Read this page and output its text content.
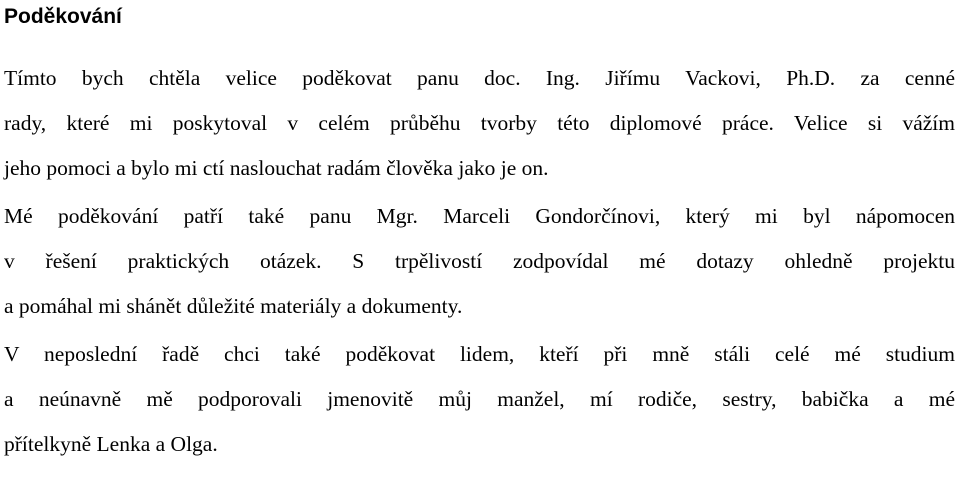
Poděkování
Tímto bych chtěla velice poděkovat panu doc. Ing. Jiřímu Vackovi, Ph.D. za cenné
rady, které mi poskytoval v celém průběhu tvorby této diplomové práce. Velice si vážím
jeho pomoci a bylo mi ctí naslouchat radám člověka jako je on.
Mé poděkování patří také panu Mgr. Marceli Gondorčínovi, který mi byl nápomocen
v řešení praktických otázek. S trpělivostí zodpovídal mé dotazy ohledně projektu
a pomáhal mi shánět důležité materiály a dokumenty.
V neposlední řadě chci také poděkovat lidem, kteří při mně stáli celé mé studium
a neúnavně mě podporovali jmenovitě můj manžel, mí rodiče, sestry, babička a mé
přítelkyně Lenka a Olga.
